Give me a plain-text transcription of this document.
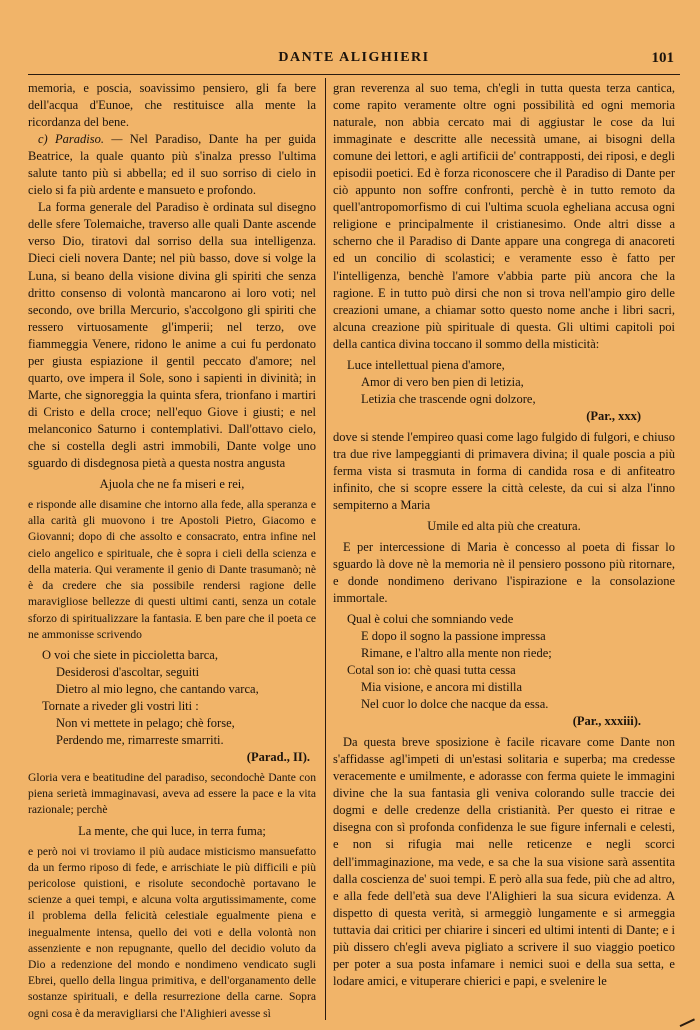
DANTE ALIGHIERI	101

memoria, e poscia, soavissimo pensiero, gli fa bere dell'acqua d'Eunoe, che restituisce alla mente la ricordanza del bene.

c) Paradiso. — Nel Paradiso, Dante ha per guida Beatrice, la quale quanto più s'inalza presso l'ultima salute tanto più si abbella; ed il suo sorriso di cielo in cielo si fa più ardente e mansueto e profondo.

La forma generale del Paradiso è ordinata sul disegno delle sfere Tolemaiche, traverso alle quali Dante ascende verso Dio, tiratovi dal sorriso della sua intelligenza. Dieci cieli novera Dante; nel più basso, dove si volge la Luna, si beano della visione divina gli spiriti che senza dritto consenso di volontà mancarono ai loro voti; nel secondo, ove brilla Mercurio, s'accolgono gli spiriti che ressero virtuosamente gl'imperii; nel terzo, ove fiammeggia Venere, ridono le anime a cui fu perdonato per giusta espiazione il gentil peccato d'amore; nel quarto, ove impera il Sole, sono i sapienti in divinità; in Marte, che signoreggia la quinta sfera, trionfano i martiri di Cristo e della croce; nell'equo Giove i giusti; e nel melanconico Saturno i contemplativi. Dall'ottavo cielo, che si costella degli astri immobili, Dante volge uno sguardo di disdegnosa pietà a questa nostra angusta

Ajuola che ne fa miseri e rei,

e risponde alle disamine che intorno alla fede, alla speranza e alla carità gli muovono i tre Apostoli Pietro, Giacomo e Giovanni; dopo di che assolto e consacrato, entra infine nel cielo angelico e spirituale, che è sopra i cieli della scienza e della materia. Qui veramente il genio di Dante trasumanò; nè è da credere che sia possibile rendersi ragione delle maravigliose bellezze di questi ultimi canti, senza un cotale sforzo di spiritualizzare la fantasia. E ben pare che il poeta ce ne ammonisse scrivendo

O voi che siete in piccioletta barca,
Desiderosi d'ascoltar, seguiti
Dietro al mio legno, che cantando varca,
Tornate a riveder gli vostri liti :
Non vi mettete in pelago; chè forse,
Perdendo me, rimarreste smarriti.
(Parad., II).

Gloria vera e beatitudine del paradiso, secondochè Dante con piena serietà immaginavasi, aveva ad essere la pace e la vita razionale; perchè

La mente, che qui luce, in terra fuma;

e però noi vi troviamo il più audace misticismo mansuefatto da un fermo riposo di fede, e arrischiate le più difficili e più pericolose quistioni, e risolute secondochè portavano le scienze a quei tempi, e alcuna volta argutissimamente, come il problema della felicità celestiale egualmente piena e inegualmente intensa, quello dei voti e della volontà non assenziente e non repugnante, quello del decidio voluto da Dio a redenzione del mondo e nondimeno vendicato sugli Ebrei, quello della lingua primitiva, e dell'organamento delle sostanze spirituali, e della resurrezione della carne. Sopra ogni cosa è da meravigliarsi che l'Alighieri avesse sì

gran reverenza al suo tema, ch'egli in tutta questa terza cantica, come rapito veramente oltre ogni possibilità ed ogni memoria naturale, non abbia cercato mai di aggiustar le cose da lui immaginate e descritte alle necessità umane, ai bisogni della comune dei lettori, e agli artificii de' contrapposti, dei riposi, e degli episodii poetici. Ed è forza riconoscere che il Paradiso di Dante per ciò appunto non soffre confronti, perchè è in tutto remoto da quell'antropomorfismo di cui l'ultima scuola egheliana accusa ogni religione e principalmente il cristianesimo. Onde altri disse a scherno che il Paradiso di Dante appare una congrega di anacoreti ed un concilio di scolastici; e veramente esso è fatto per l'intelligenza, benchè l'amore v'abbia parte più ancora che la ragione. E in tutto può dirsi che non si trova nell'ampio giro delle creazioni umane, a chiamar sotto questo nome anche i libri sacri, alcuna creazione più spirituale di questa. Gli ultimi capitoli poi della cantica divina toccano il sommo della misticità:

Luce intellettual piena d'amore,
Amor di vero ben pien di letizia,
Letizia che trascende ogni dolzore,
(Par., xxx)

dove si stende l'empireo quasi come lago fulgido di fulgori, e chiuso tra due rive lampeggianti di primavera divina; il quale poscia a più ferma vista si trasmuta in forma di candida rosa e di anfiteatro infinito, che si scopre essere la città celeste, da cui si alza l'inno sempiterno a Maria

Umile ed alta più che creatura.

E per intercessione di Maria è concesso al poeta di fissar lo sguardo là dove nè la memoria nè il pensiero possono più ritornare, e donde nondimeno derivano l'ispirazione e la consolazione immortale.

Qual è colui che somniando vede
E dopo il sogno la passione impressa
Rimane, e l'altro alla mente non riede;
Cotal son io: chè quasi tutta cessa
Mia visione, e ancora mi distilla
Nel cuor lo dolce che nacque da essa.
(Par., xxxiii).

Da questa breve sposizione è facile ricavare come Dante non s'affidasse agl'impeti di un'estasi solitaria e superba; ma credesse veracemente e umilmente, e adorasse con ferma quiete le immagini divine che la sua fantasia gli veniva colorando sulle traccie dei dogmi e delle credenze della cristianità. Per questo ei ritrae e disegna con sì profonda confidenza le sue figure infernali e celesti, e non si rifugia mai nelle reticenze e negli scorci dell'immaginazione, ma vede, e sa che la sua visione sarà assentita dalla coscienza de' suoi tempi. E però alla sua fede, più che ad altro, e alla fede dell'età sua deve l'Alighieri la sua sicura evidenza. A dispetto di questa verità, si armeggiò lungamente e si armeggia tuttavia dai critici per chiarire i sinceri ed ultimi intenti di Dante; e i più dissero ch'egli aveva pigliato a scrivere il suo viaggio poetico per poter a sua posta infamare i nemici suoi e della sua setta, e lodare amici, e vituperare chierici e papi, e svelenire le
